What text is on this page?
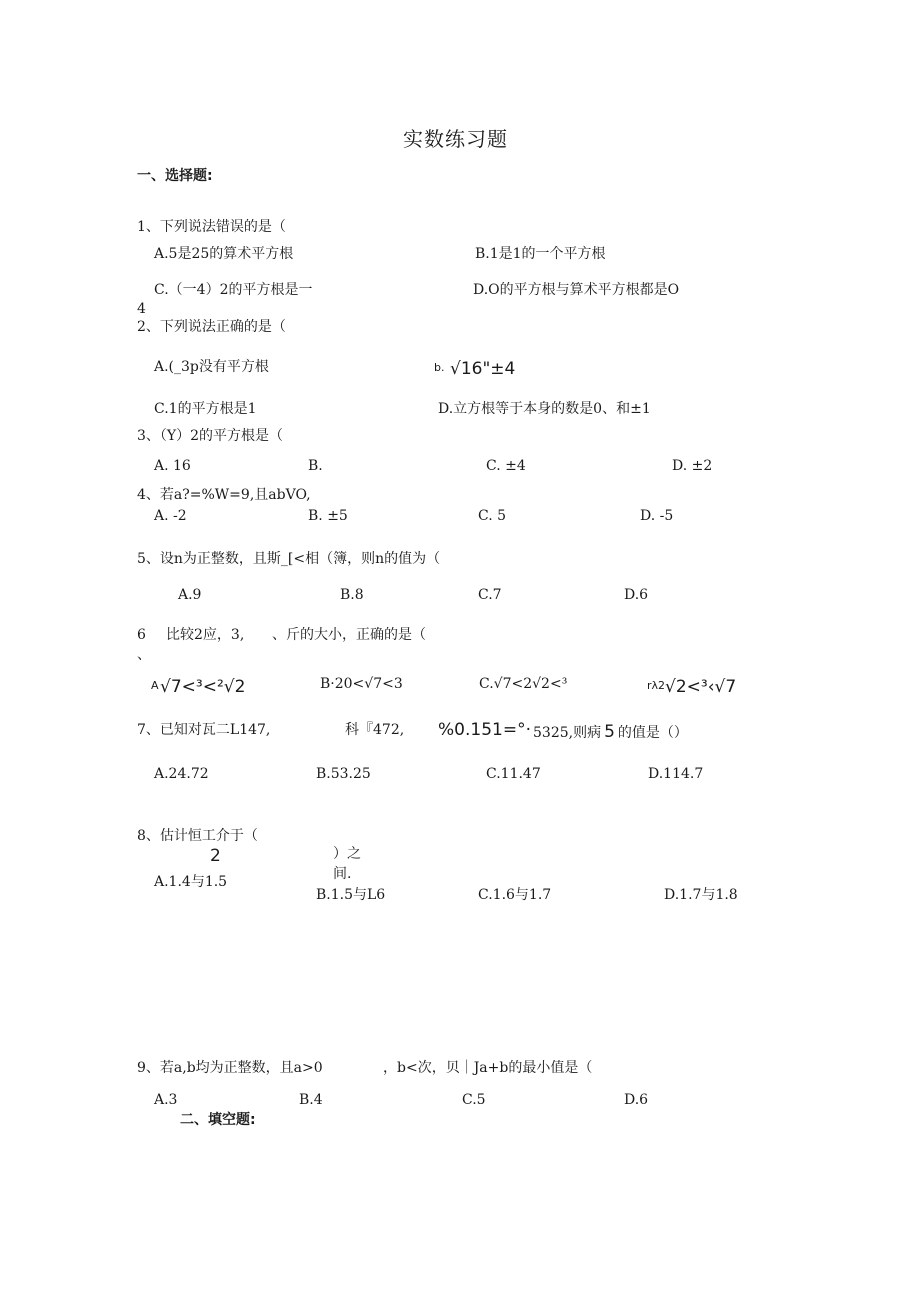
实数练习题
一、选择题:
1、下列说法错误的是（
A.5是25的算术平方根	B.1是1的一个平方根
C.（一4）2的平方根是一
4
D.O的平方根与算术平方根都是O
2、下列说法正确的是（
A.(_3p没有平方根	b. √16"±4
C.1的平方根是1	D.立方根等于本身的数是0、和±1
3、（Y）2的平方根是（
A. 16	B.	C. ±4	D. ±2
4、若a?=%W=9,且abVO,
A. -2	B. ±5	C. 5	D. -5
5、设n为正整数，且斯_[<相（簿，则n的值为（
A.9	B.8	C.7	D.6
6 比较2应，3, 、斤的大小，正确的是（
、
A √7<³<²√2	B·20<√7<3	C.√7<2√2<³	rλ2 √2<³‹√7
7、已知对瓦二L147,	科『472, %0.151=°· 5325,则病 5 的值是（）
A.24.72	B.53.25	C.11.47	D.114.7
8、估计恒工介于（
2	）之
间.
A.1.4与1.5
B.1.5与L6	C.1.6与1.7	D.1.7与1.8
9、若a,b均为正整数，且a>0	，b<次，贝｜Ja+b的最小值是（
A.3	B.4	C.5	D.6
二、填空题:
